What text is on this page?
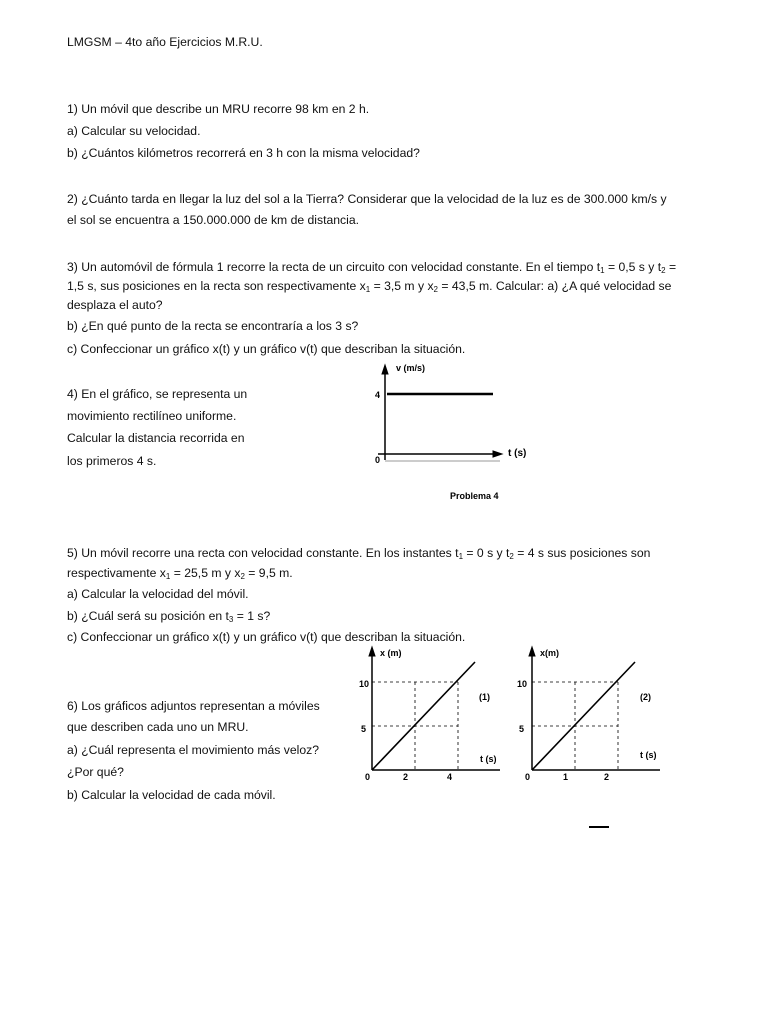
LMGSM – 4to año Ejercicios M.R.U.
1) Un móvil que describe un MRU recorre 98 km en 2 h.
a) Calcular su velocidad.
b) ¿Cuántos kilómetros recorrerá en 3 h con la misma velocidad?
2) ¿Cuánto tarda en llegar la luz del sol a la Tierra? Considerar que la velocidad de la luz es de 300.000 km/s y
el sol se encuentra a 150.000.000 de km de distancia.
3) Un automóvil de fórmula 1 recorre la recta de un circuito con velocidad constante. En el tiempo $t_1 = 0,5$ s y $t_2$ =
1,5 s, sus posiciones en la recta son respectivamente $x_1 = 3,5$ m y $x_2 = 43,5$ m. Calcular: a) ¿A qué velocidad se
desplaza el auto?
b) ¿En qué punto de la recta se encontraría a los 3 s?
c) Confeccionar un gráfico x(t) y un gráfico v(t) que describan la situación.
4) En el gráfico, se representa un
movimiento rectilíneo uniforme.
Calcular la distancia recorrida en
los primeros 4 s.
v (m/s)
t (s)
4
0
Problema 4
5) Un móvil recorre una recta con velocidad constante. En los instantes $t_1 = 0$ s y $t_2 = 4$ s sus posiciones son
respectivamente $x_1 = 25,5$ m y $x_2 = 9,5$ m.
a) Calcular la velocidad del móvil.
b) ¿Cuál será su posición en $t_3 = 1$ s?
c) Confeccionar un gráfico x(t) y un gráfico v(t) que describan la situación.
6) Los gráficos adjuntos representan a móviles
que describen cada uno un MRU.
a) ¿Cuál representa el movimiento más veloz?
¿Por qué?
b) Calcular la velocidad de cada móvil.
x (m)
t (s)
(1)
10
5
0	2	4
x(m)
t (s)
(2)
10
5
0	1	2
